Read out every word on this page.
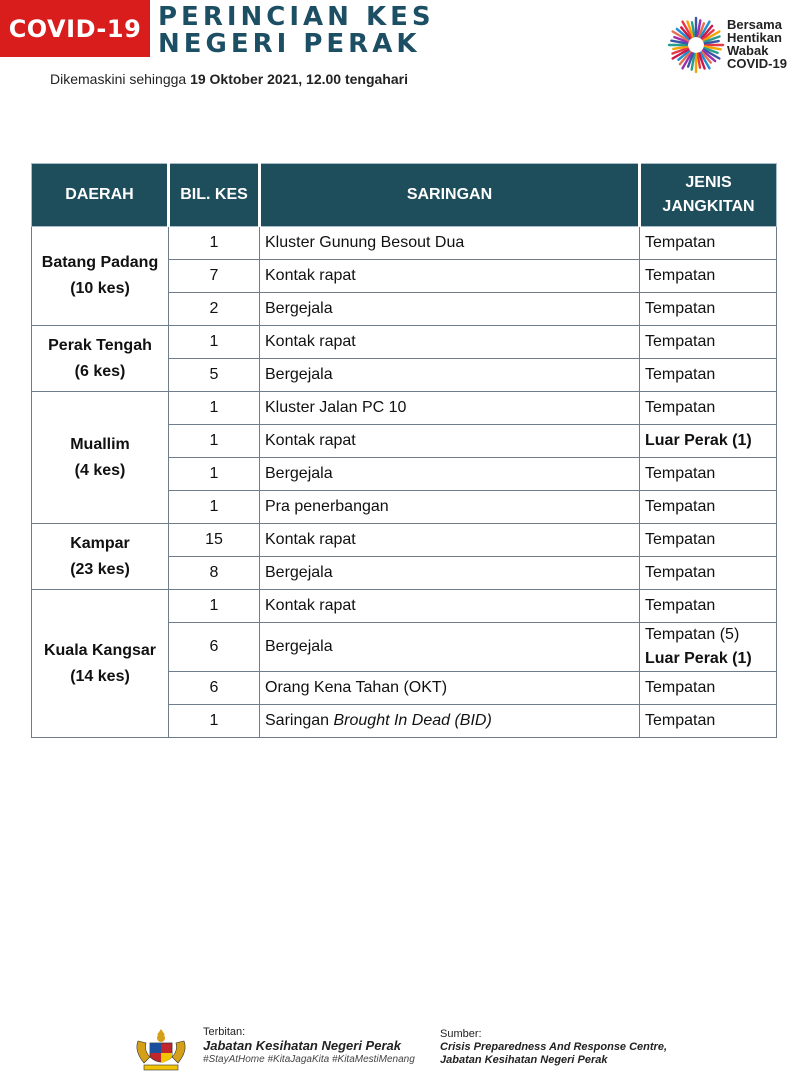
COVID-19 PERINCIAN KES
NEGERI PERAK
Dikemaskini sehingga 19 Oktober 2021, 12.00 tengahari
Bersama
Hentikan
Wabak
COVID-19
DAERAH	BIL. KES	SARINGAN	JENIS
JANGKITAN

Batang Padang
(10 kes)	1	Kluster Gunung Besout Dua	Tempatan

	7	Kontak rapat	Tempatan

	2	Bergejala	Tempatan

Perak Tengah
(6 kes)	1	Kontak rapat	Tempatan

	5	Bergejala	Tempatan

Muallim
(4 kes)	1	Kluster Jalan PC 10	Tempatan

	1	Kontak rapat	Luar Perak (1)

	1	Bergejala	Tempatan

	1	Pra penerbangan	Tempatan

Kampar
(23 kes)	15	Kontak rapat	Tempatan

	8	Bergejala	Tempatan

Kuala Kangsar
(14 kes)	1	Kontak rapat	Tempatan

	6	Bergejala	Tempatan (5)
Luar Perak (1)

	6	Orang Kena Tahan (OKT)	Tempatan

	1	Saringan Brought In Dead (BID)	Tempatan
Terbitan:
Jabatan Kesihatan Negeri Perak
#StayAtHome #KitaJagaKita #KitaMestiMenang
Sumber:
Crisis Preparedness And Response Centre,
Jabatan Kesihatan Negeri Perak
